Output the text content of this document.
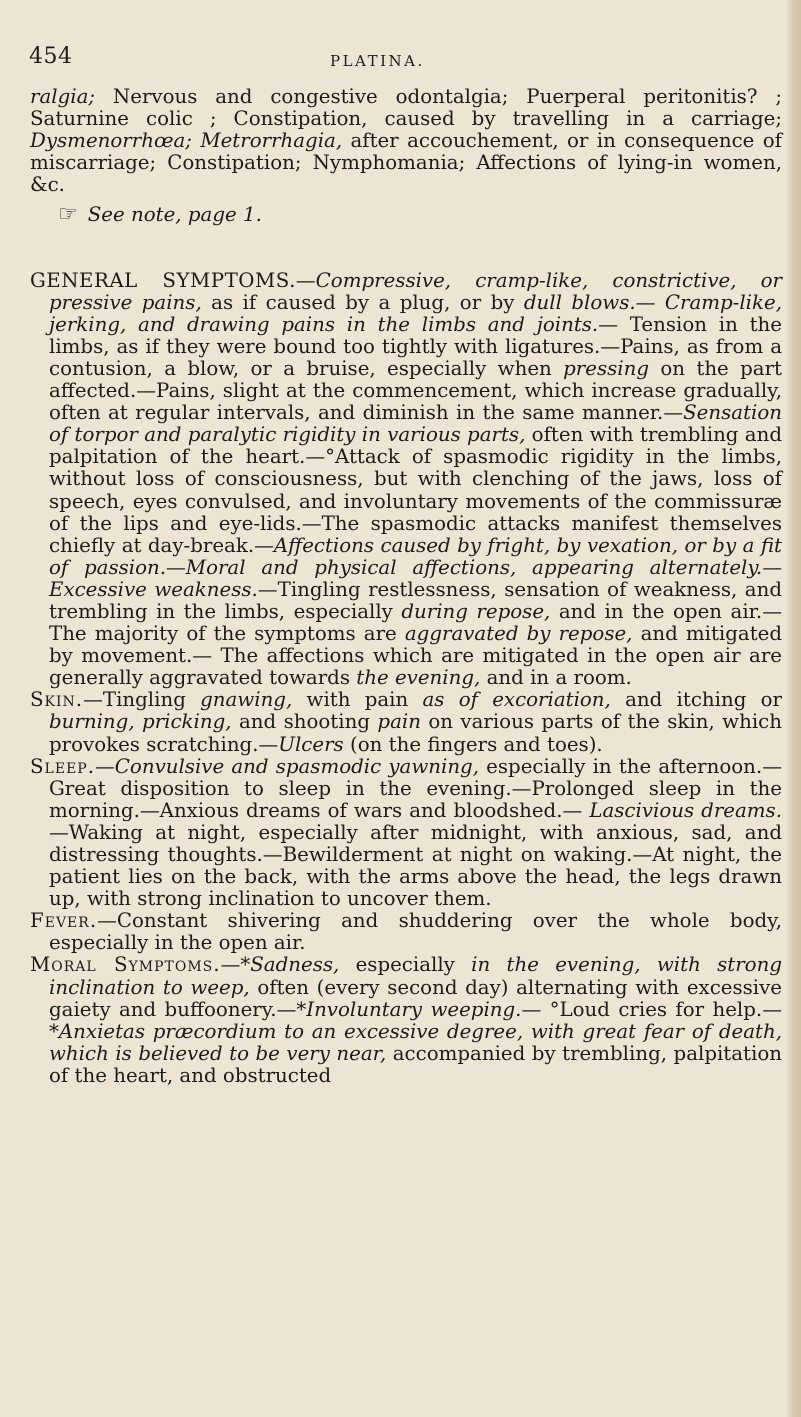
454	PLATINA.

ralgia; Nervous and congestive odontalgia; Puerperal peritonitis? ; Saturnine colic ; Constipation, caused by travelling in a carriage; Dysmenorrhœa; Metrorrhagia, after accouchement, or in consequence of miscarriage; Constipation; Nymphomania; Affections of lying-in women, &c.

☞ See note, page 1.

GENERAL SYMPTOMS.—Compressive, cramp-like, constrictive, or pressive pains, as if caused by a plug, or by dull blows.— Cramp-like, jerking, and drawing pains in the limbs and joints.— Tension in the limbs, as if they were bound too tightly with ligatures.—Pains, as from a contusion, a blow, or a bruise, especially when pressing on the part affected.—Pains, slight at the commencement, which increase gradually, often at regular intervals, and diminish in the same manner.—Sensation of torpor and paralytic rigidity in various parts, often with trembling and palpitation of the heart.—°Attack of spasmodic rigidity in the limbs, without loss of consciousness, but with clenching of the jaws, loss of speech, eyes convulsed, and involuntary movements of the commissuræ of the lips and eye-lids.—The spasmodic attacks manifest themselves chiefly at day-break.—Affections caused by fright, by vexation, or by a fit of passion.—Moral and physical affections, appearing alternately.—Excessive weakness.—Tingling restlessness, sensation of weakness, and trembling in the limbs, especially during repose, and in the open air.—The majority of the symptoms are aggravated by repose, and mitigated by movement.— The affections which are mitigated in the open air are generally aggravated towards the evening, and in a room.

Skin.—Tingling gnawing, with pain as of excoriation, and itching or burning, pricking, and shooting pain on various parts of the skin, which provokes scratching.—Ulcers (on the fingers and toes).

Sleep.—Convulsive and spasmodic yawning, especially in the afternoon.—Great disposition to sleep in the evening.—Prolonged sleep in the morning.—Anxious dreams of wars and bloodshed.— Lascivious dreams.—Waking at night, especially after midnight, with anxious, sad, and distressing thoughts.—Bewilderment at night on waking.—At night, the patient lies on the back, with the arms above the head, the legs drawn up, with strong inclination to uncover them.

Fever.—Constant shivering and shuddering over the whole body, especially in the open air.

Moral Symptoms.—*Sadness, especially in the evening, with strong inclination to weep, often (every second day) alternating with excessive gaiety and buffoonery.—*Involuntary weeping.— °Loud cries for help.—*Anxietas præcordium to an excessive degree, with great fear of death, which is believed to be very near, accompanied by trembling, palpitation of the heart, and obstructed
